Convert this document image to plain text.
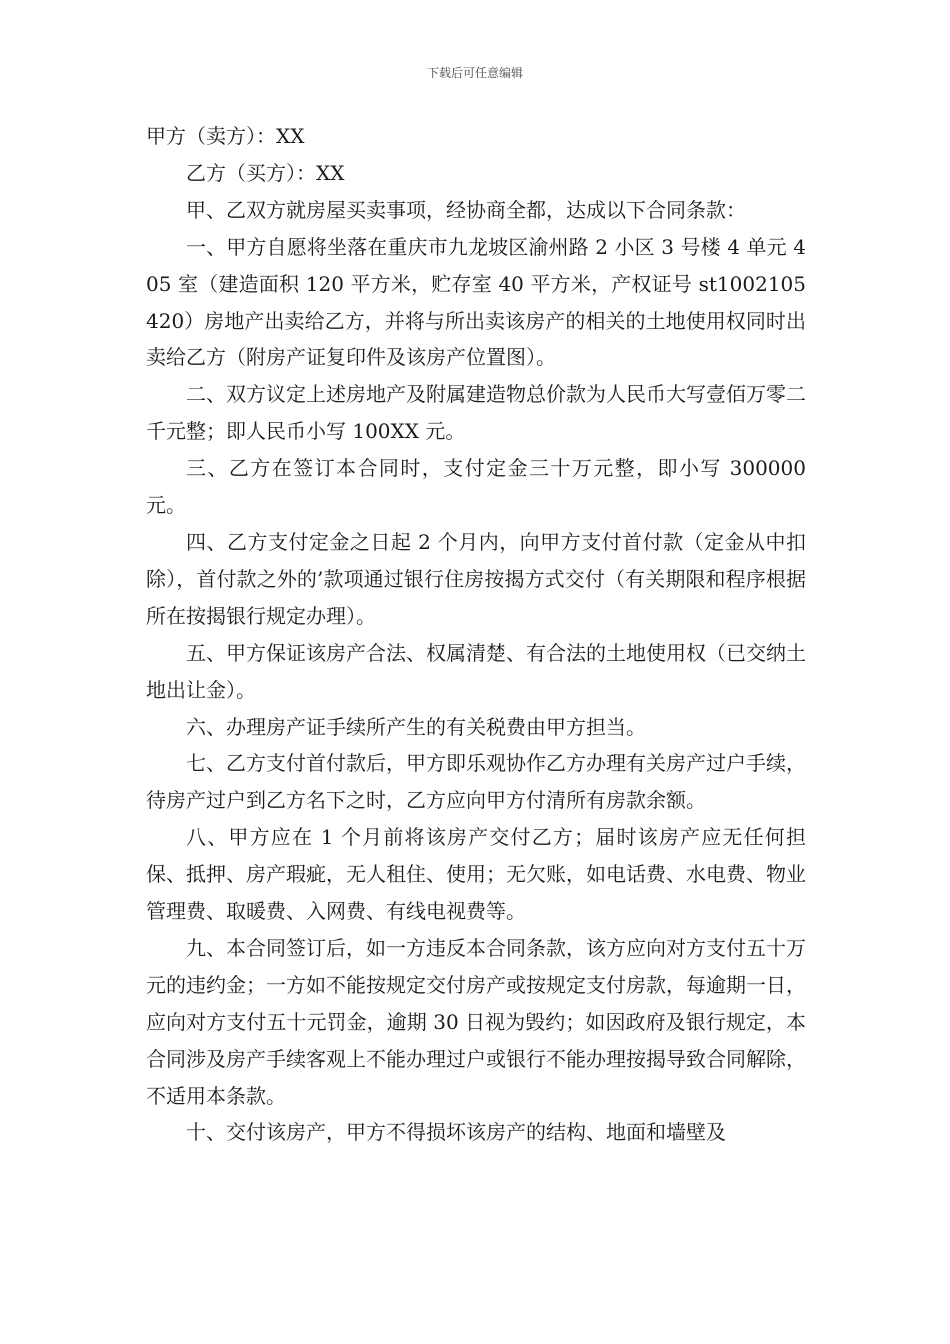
下载后可任意编辑

甲方（卖方）：XX

乙方（买方）：XX

甲、乙双方就房屋买卖事项，经协商全都，达成以下合同条款：

一、甲方自愿将坐落在重庆市九龙坡区渝州路 2 小区 3 号楼 4 单元 405 室（建造面积 120 平方米，贮存室 40 平方米，产权证号 st1002105420）房地产出卖给乙方，并将与所出卖该房产的相关的土地使用权同时出卖给乙方（附房产证复印件及该房产位置图）。

二、双方议定上述房地产及附属建造物总价款为人民币大写壹佰万零二千元整；即人民币小写 100XX 元。

三、乙方在签订本合同时，支付定金三十万元整，即小写 300000 元。

四、乙方支付定金之日起 2 个月内，向甲方支付首付款（定金从中扣除），首付款之外的’款项通过银行住房按揭方式交付（有关期限和程序根据所在按揭银行规定办理）。

五、甲方保证该房产合法、权属清楚、有合法的土地使用权（已交纳土地出让金）。

六、办理房产证手续所产生的有关税费由甲方担当。

七、乙方支付首付款后，甲方即乐观协作乙方办理有关房产过户手续，待房产过户到乙方名下之时，乙方应向甲方付清所有房款余额。

八、甲方应在 1 个月前将该房产交付乙方；届时该房产应无任何担保、抵押、房产瑕疵，无人租住、使用；无欠账，如电话费、水电费、物业管理费、取暖费、入网费、有线电视费等。

九、本合同签订后，如一方违反本合同条款，该方应向对方支付五十万元的违约金；一方如不能按规定交付房产或按规定支付房款，每逾期一日，应向对方支付五十元罚金，逾期 30 日视为毁约；如因政府及银行规定，本合同涉及房产手续客观上不能办理过户或银行不能办理按揭导致合同解除，不适用本条款。

十、交付该房产，甲方不得损坏该房产的结构、地面和墙壁及
